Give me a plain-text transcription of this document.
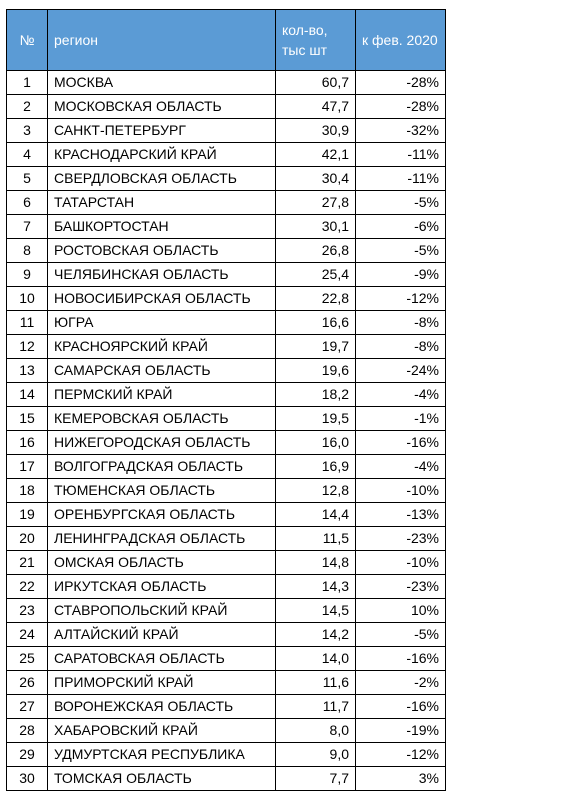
№	регион	кол-во, тыс шт	к фев. 2020
1	МОСКВА	60,7	-28%
2	МОСКОВСКАЯ ОБЛАСТЬ	47,7	-28%
3	САНКТ-ПЕТЕРБУРГ	30,9	-32%
4	КРАСНОДАРСКИЙ КРАЙ	42,1	-11%
5	СВЕРДЛОВСКАЯ ОБЛАСТЬ	30,4	-11%
6	ТАТАРСТАН	27,8	-5%
7	БАШКОРТОСТАН	30,1	-6%
8	РОСТОВСКАЯ ОБЛАСТЬ	26,8	-5%
9	ЧЕЛЯБИНСКАЯ ОБЛАСТЬ	25,4	-9%
10	НОВОСИБИРСКАЯ ОБЛАСТЬ	22,8	-12%
11	ЮГРА	16,6	-8%
12	КРАСНОЯРСКИЙ КРАЙ	19,7	-8%
13	САМАРСКАЯ ОБЛАСТЬ	19,6	-24%
14	ПЕРМСКИЙ КРАЙ	18,2	-4%
15	КЕМЕРОВСКАЯ ОБЛАСТЬ	19,5	-1%
16	НИЖЕГОРОДСКАЯ ОБЛАСТЬ	16,0	-16%
17	ВОЛГОГРАДСКАЯ ОБЛАСТЬ	16,9	-4%
18	ТЮМЕНСКАЯ ОБЛАСТЬ	12,8	-10%
19	ОРЕНБУРГСКАЯ ОБЛАСТЬ	14,4	-13%
20	ЛЕНИНГРАДСКАЯ ОБЛАСТЬ	11,5	-23%
21	ОМСКАЯ ОБЛАСТЬ	14,8	-10%
22	ИРКУТСКАЯ ОБЛАСТЬ	14,3	-23%
23	СТАВРОПОЛЬСКИЙ КРАЙ	14,5	10%
24	АЛТАЙСКИЙ КРАЙ	14,2	-5%
25	САРАТОВСКАЯ ОБЛАСТЬ	14,0	-16%
26	ПРИМОРСКИЙ КРАЙ	11,6	-2%
27	ВОРОНЕЖСКАЯ ОБЛАСТЬ	11,7	-16%
28	ХАБАРОВСКИЙ КРАЙ	8,0	-19%
29	УДМУРТСКАЯ РЕСПУБЛИКА	9,0	-12%
30	ТОМСКАЯ ОБЛАСТЬ	7,7	3%
